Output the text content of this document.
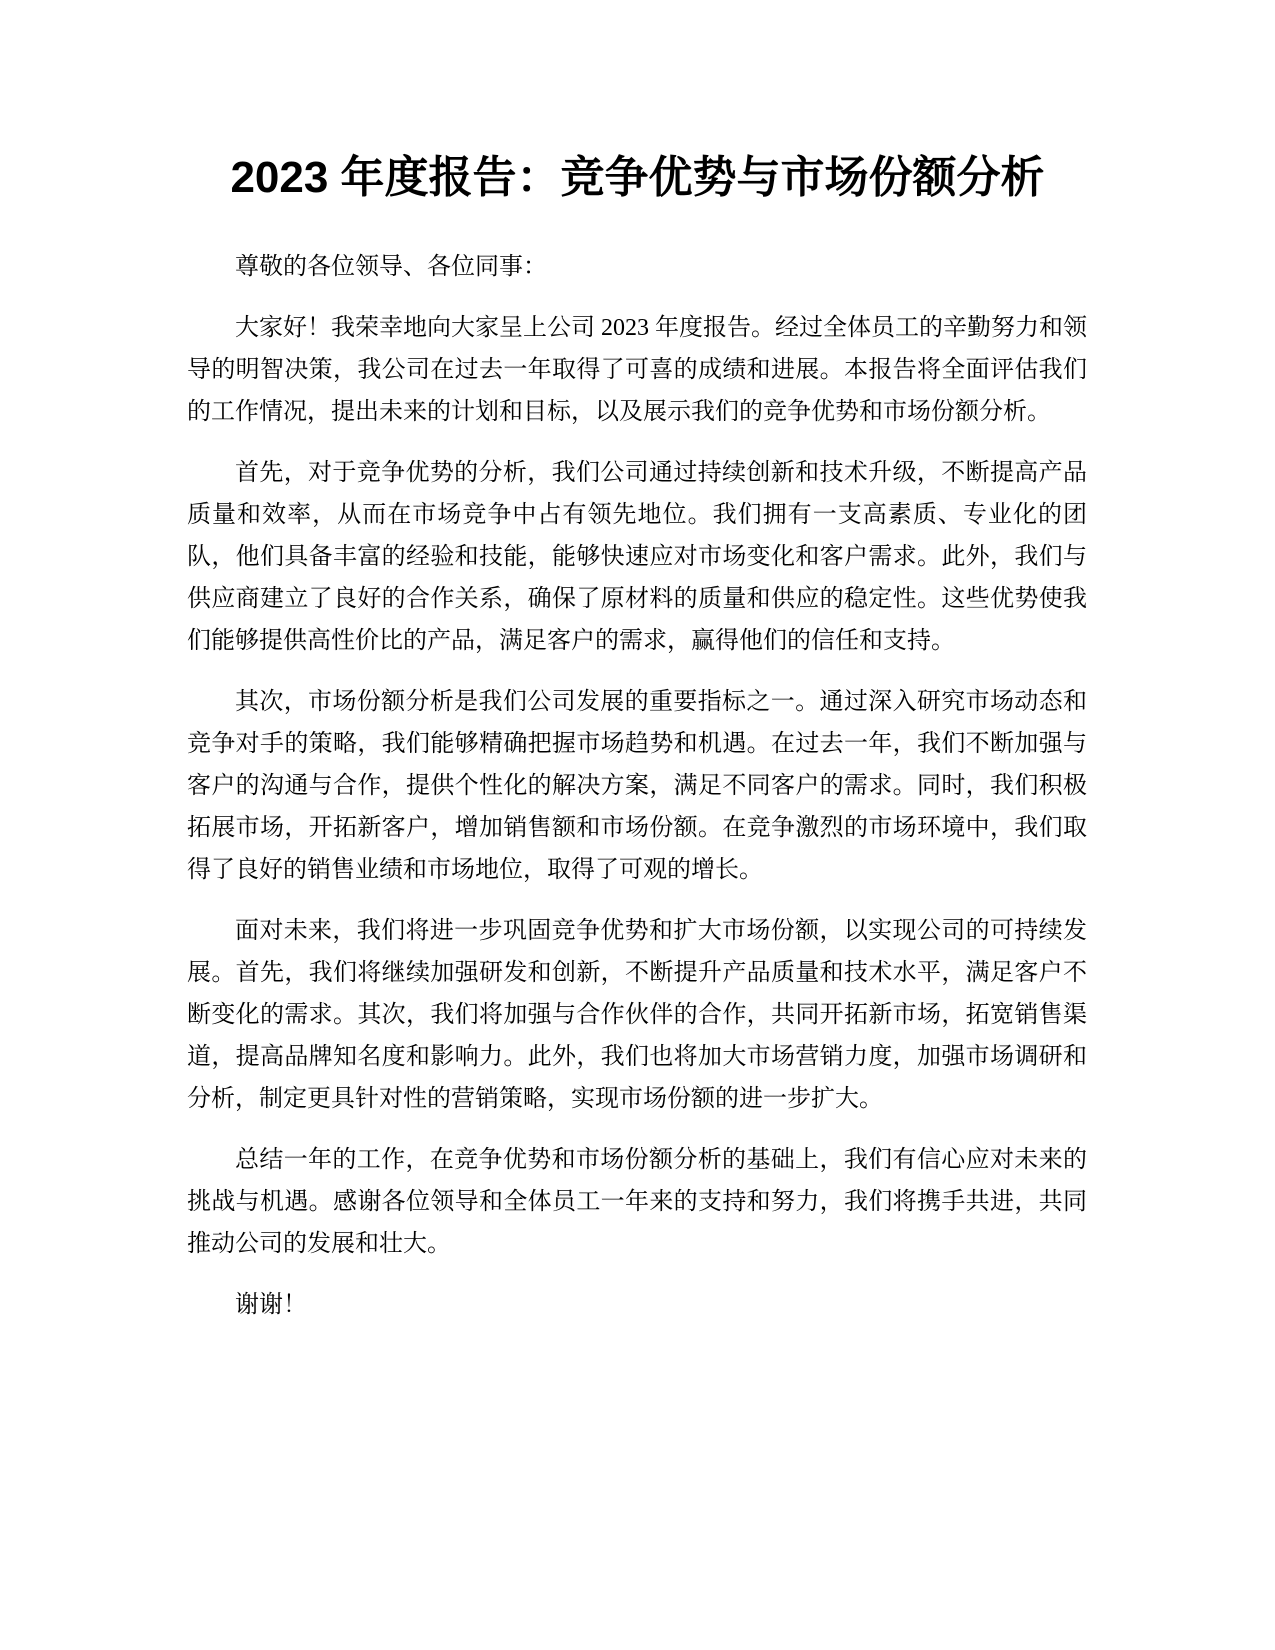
2023 年度报告：竞争优势与市场份额分析

尊敬的各位领导、各位同事：

大家好！我荣幸地向大家呈上公司 2023 年度报告。经过全体员工的辛勤努力和领导的明智决策，我公司在过去一年取得了可喜的成绩和进展。本报告将全面评估我们的工作情况，提出未来的计划和目标，以及展示我们的竞争优势和市场份额分析。

首先，对于竞争优势的分析，我们公司通过持续创新和技术升级，不断提高产品质量和效率，从而在市场竞争中占有领先地位。我们拥有一支高素质、专业化的团队，他们具备丰富的经验和技能，能够快速应对市场变化和客户需求。此外，我们与供应商建立了良好的合作关系，确保了原材料的质量和供应的稳定性。这些优势使我们能够提供高性价比的产品，满足客户的需求，赢得他们的信任和支持。

其次，市场份额分析是我们公司发展的重要指标之一。通过深入研究市场动态和竞争对手的策略，我们能够精确把握市场趋势和机遇。在过去一年，我们不断加强与客户的沟通与合作，提供个性化的解决方案，满足不同客户的需求。同时，我们积极拓展市场，开拓新客户，增加销售额和市场份额。在竞争激烈的市场环境中，我们取得了良好的销售业绩和市场地位，取得了可观的增长。

面对未来，我们将进一步巩固竞争优势和扩大市场份额，以实现公司的可持续发展。首先，我们将继续加强研发和创新，不断提升产品质量和技术水平，满足客户不断变化的需求。其次，我们将加强与合作伙伴的合作，共同开拓新市场，拓宽销售渠道，提高品牌知名度和影响力。此外，我们也将加大市场营销力度，加强市场调研和分析，制定更具针对性的营销策略，实现市场份额的进一步扩大。

总结一年的工作，在竞争优势和市场份额分析的基础上，我们有信心应对未来的挑战与机遇。感谢各位领导和全体员工一年来的支持和努力，我们将携手共进，共同推动公司的发展和壮大。

谢谢！
